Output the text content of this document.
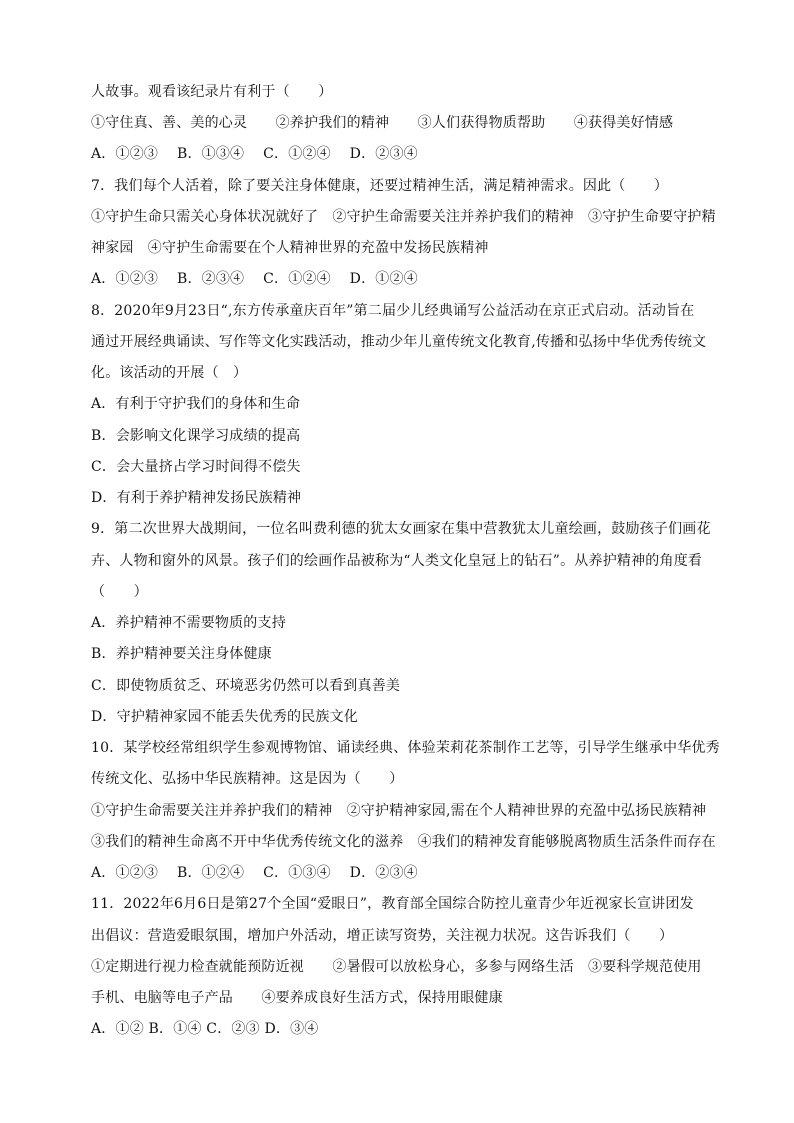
人故事。观看该纪录片有利于（　　）
①守住真、善、美的心灵　　②养护我们的精神　　③人们获得物质帮助　　④获得美好情感
A．①②③　 B．①③④　 C．①②④　 D．②③④
7．我们每个人活着，除了要关注身体健康，还要过精神生活，满足精神需求。因此（　　）
①守护生命只需关心身体状况就好了　②守护生命需要关注并养护我们的精神　③守护生命要守护精
神家园　④守护生命需要在个人精神世界的充盈中发扬民族精神
A．①②③　 B．②③④　 C．①②④　 D．①②④
8．2020年9月23日“,东方传承童庆百年”第二届少儿经典诵写公益活动在京正式启动。活动旨在
通过开展经典诵读、写作等文化实践活动，推动少年儿童传统文化教育,传播和弘扬中华优秀传统文
化。该活动的开展（　）
A．有利于守护我们的身体和生命
B．会影响文化课学习成绩的提高
C．会大量挤占学习时间得不偿失
D．有利于养护精神发扬民族精神
9．第二次世界大战期间，一位名叫费利德的犹太女画家在集中营教犹太儿童绘画，鼓励孩子们画花
卉、人物和窗外的风景。孩子们的绘画作品被称为“人类文化皇冠上的钻石”。从养护精神的角度看
（　　）
A．养护精神不需要物质的支持
B．养护精神要关注身体健康
C．即使物质贫乏、环境恶劣仍然可以看到真善美
D．守护精神家园不能丢失优秀的民族文化
10．某学校经常组织学生参观博物馆、诵读经典、体验茉莉花茶制作工艺等，引导学生继承中华优秀
传统文化、弘扬中华民族精神。这是因为（　　）
①守护生命需要关注并养护我们的精神　②守护精神家园,需在个人精神世界的充盈中弘扬民族精神
③我们的精神生命离不开中华优秀传统文化的滋养　④我们的精神发育能够脱离物质生活条件而存在
A．①②③　 B．①②④　 C．①③④　 D．②③④
11．2022年6月6日是第27个全国“爱眼日”，教育部全国综合防控儿童青少年近视家长宣讲团发
出倡议：营造爱眼氛围，增加户外活动，增正读写资势，关注视力状况。这告诉我们（　　）
①定期进行视力检查就能预防近视　　②暑假可以放松身心，多参与网络生活　③要科学规范使用
手机、电脑等电子产品　　④要养成良好生活方式，保持用眼健康
A．①② B．①④ C．②③ D．③④
